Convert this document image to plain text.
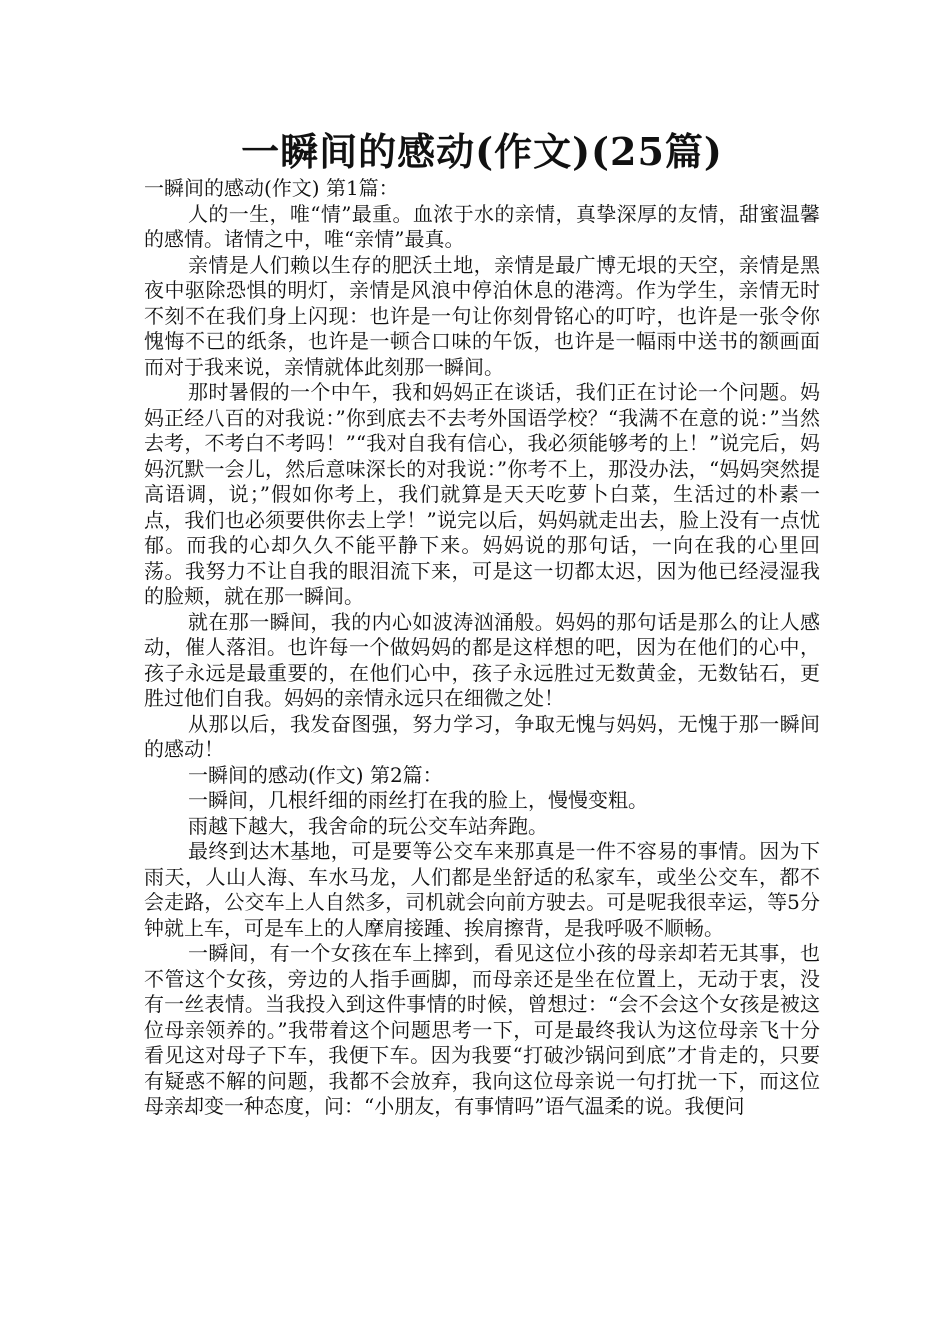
一瞬间的感动(作文)(25篇)

一瞬间的感动(作文) 第1篇：

人的一生，唯“情”最重。血浓于水的亲情，真挚深厚的友情，甜蜜温馨的感情。诸情之中，唯“亲情”最真。

亲情是人们赖以生存的肥沃土地，亲情是最广博无垠的天空，亲情是黑夜中驱除恐惧的明灯，亲情是风浪中停泊休息的港湾。作为学生，亲情无时不刻不在我们身上闪现：也许是一句让你刻骨铭心的叮咛，也许是一张令你愧悔不已的纸条，也许是一顿合口味的午饭，也许是一幅雨中送书的额画面而对于我来说，亲情就体此刻那一瞬间。

那时暑假的一个中午，我和妈妈正在谈话，我们正在讨论一个问题。妈妈正经八百的对我说：”你到底去不去考外国语学校？“我满不在意的说：”当然去考，不考白不考吗！”“我对自我有信心，我必须能够考的上！”说完后，妈妈沉默一会儿，然后意味深长的对我说：”你考不上，那没办法，“妈妈突然提高语调，说；”假如你考上，我们就算是天天吃萝卜白菜，生活过的朴素一点，我们也必须要供你去上学！”说完以后，妈妈就走出去，脸上没有一点忧郁。而我的心却久久不能平静下来。妈妈说的那句话，一向在我的心里回荡。我努力不让自我的眼泪流下来，可是这一切都太迟，因为他已经浸湿我的脸颊，就在那一瞬间。

就在那一瞬间，我的内心如波涛汹涌般。妈妈的那句话是那么的让人感动，催人落泪。也许每一个做妈妈的都是这样想的吧，因为在他们的心中，孩子永远是最重要的，在他们心中，孩子永远胜过无数黄金，无数钻石，更胜过他们自我。妈妈的亲情永远只在细微之处！

从那以后，我发奋图强，努力学习，争取无愧与妈妈，无愧于那一瞬间的感动！

一瞬间的感动(作文) 第2篇：

一瞬间，几根纤细的雨丝打在我的脸上，慢慢变粗。

雨越下越大，我舍命的玩公交车站奔跑。

最终到达木基地，可是要等公交车来那真是一件不容易的事情。因为下雨天，人山人海、车水马龙，人们都是坐舒适的私家车，或坐公交车，都不会走路，公交车上人自然多，司机就会向前方驶去。可是呢我很幸运，等5分钟就上车，可是车上的人摩肩接踵、挨肩擦背，是我呼吸不顺畅。

一瞬间，有一个女孩在车上摔到，看见这位小孩的母亲却若无其事，也不管这个女孩，旁边的人指手画脚，而母亲还是坐在位置上，无动于衷，没有一丝表情。当我投入到这件事情的时候，曾想过：“会不会这个女孩是被这位母亲领养的。”我带着这个问题思考一下，可是最终我认为这位母亲飞十分看见这对母子下车，我便下车。因为我要“打破沙锅问到底”才肯走的，只要有疑惑不解的问题，我都不会放弃，我向这位母亲说一句打扰一下，而这位母亲却变一种态度，问：“小朋友，有事情吗”语气温柔的说。我便问
